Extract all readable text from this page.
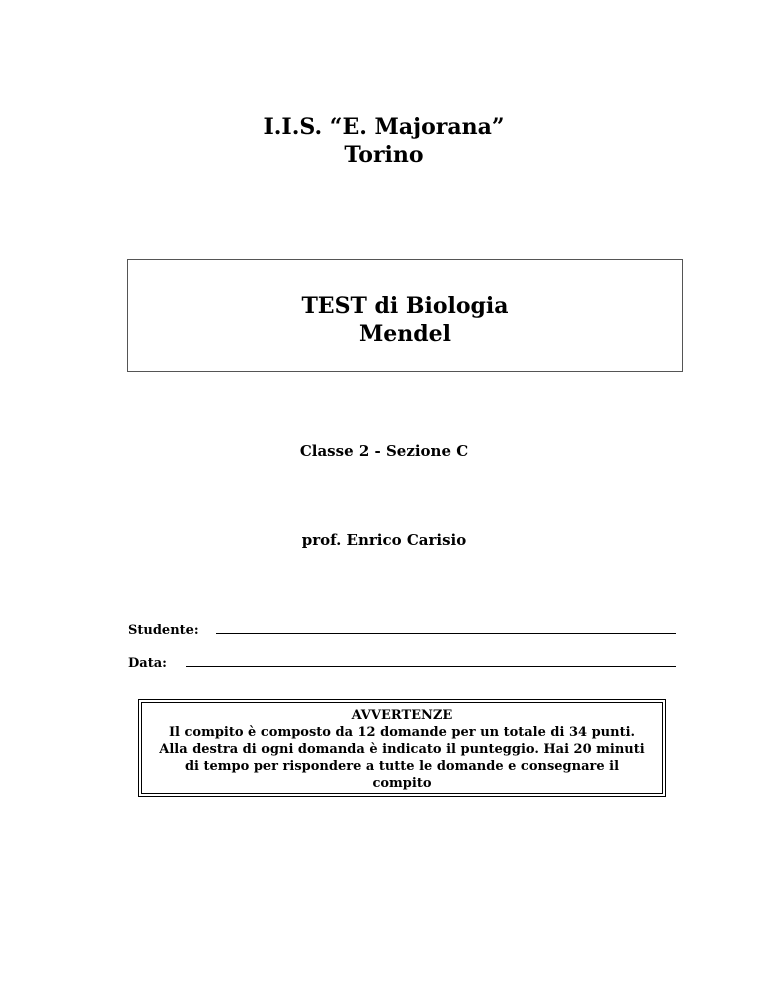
I.I.S. “E. Majorana”
Torino
TEST di Biologia
Mendel
Classe 2 - Sezione C
prof. Enrico Carisio
Studente:
Data:
AVVERTENZE
Il compito è composto da 12 domande per un totale di 34 punti.
Alla destra di ogni domanda è indicato il punteggio. Hai 20 minuti
di tempo per rispondere a tutte le domande e consegnare il
compito
